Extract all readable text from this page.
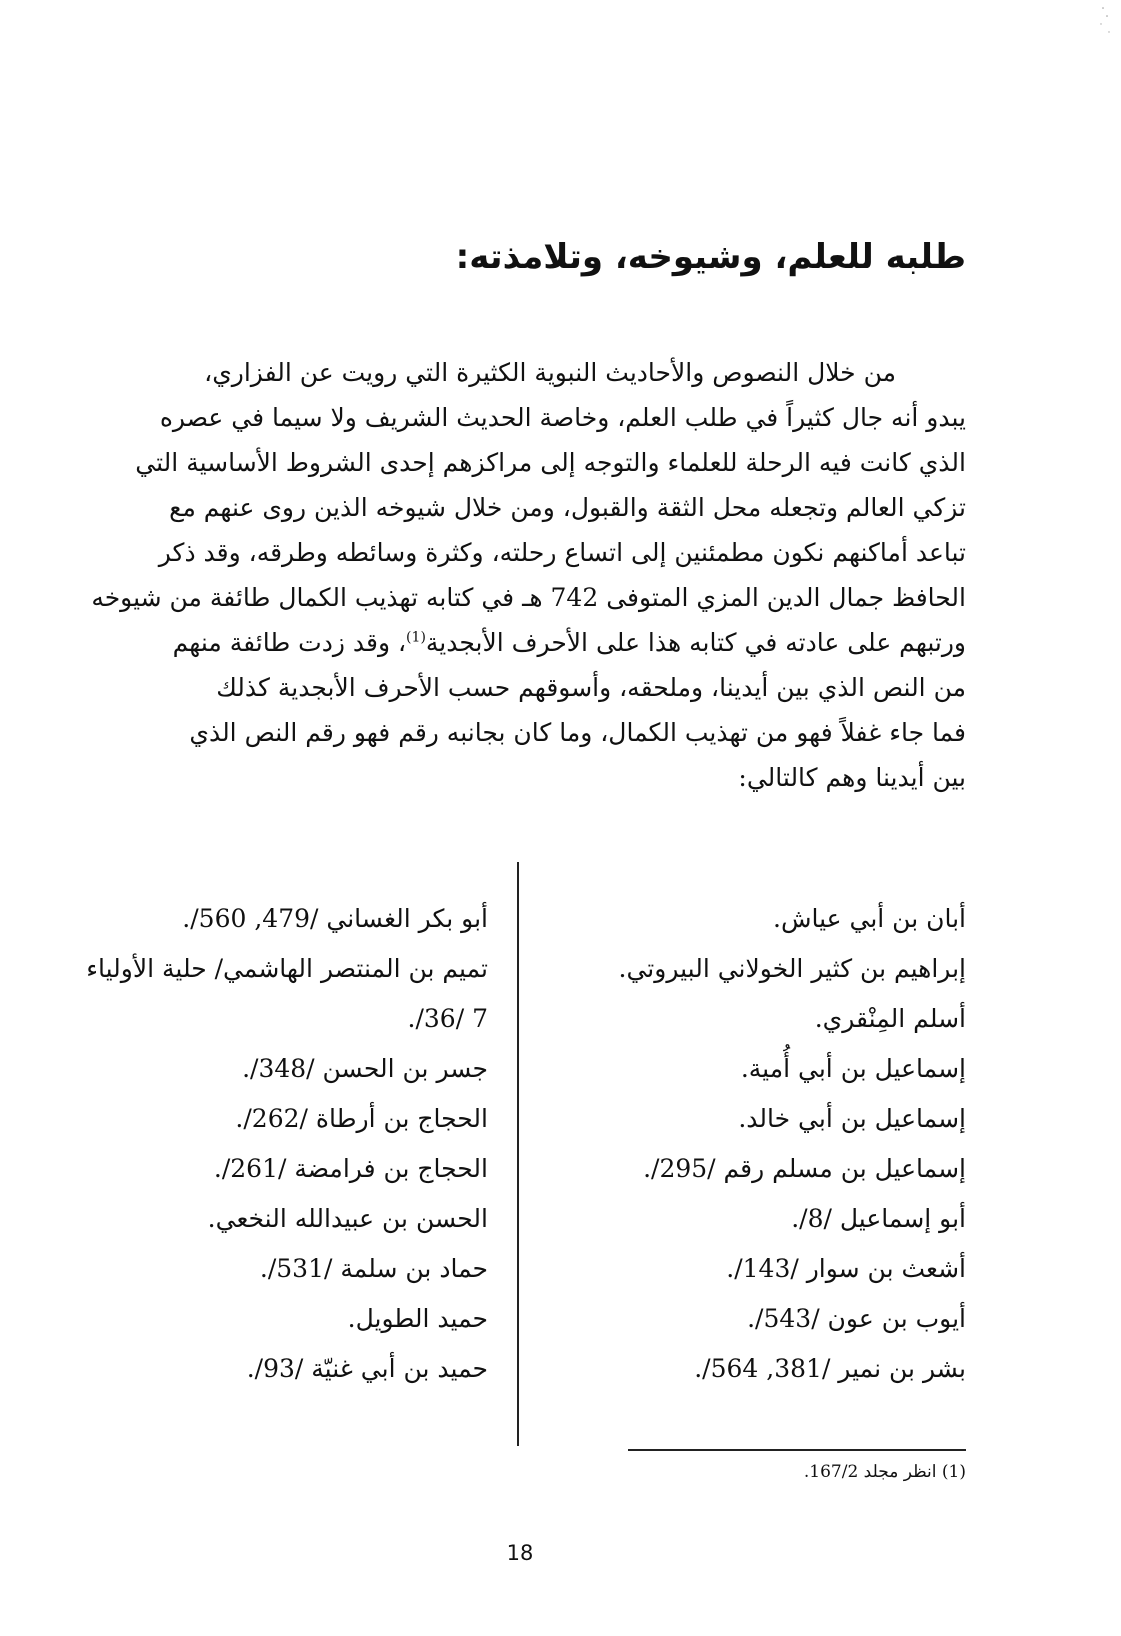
طلبه للعلم، وشيوخه، وتلامذته:
من خلال النصوص والأحاديث النبوية الكثيرة التي رويت عن الفزاري،
يبدو أنه جال كثيراً في طلب العلم، وخاصة الحديث الشريف ولا سيما في عصره
الذي كانت فيه الرحلة للعلماء والتوجه إلى مراكزهم إحدى الشروط الأساسية التي
تزكي العالم وتجعله محل الثقة والقبول، ومن خلال شيوخه الذين روى عنهم مع
تباعد أماكنهم نكون مطمئنين إلى اتساع رحلته، وكثرة وسائطه وطرقه، وقد ذكر
الحافظ جمال الدين المزي المتوفى 742 هـ في كتابه تهذيب الكمال طائفة من شيوخه
ورتبهم على عادته في كتابه هذا على الأحرف الأبجدية$^{(1)}$، وقد زدت طائفة منهم
من النص الذي بين أيدينا، وملحقه، وأسوقهم حسب الأحرف الأبجدية كذلك
فما جاء غفلاً فهو من تهذيب الكمال، وما كان بجانبه رقم فهو رقم النص الذي
بين أيدينا وهم كالتالي:
أبان بن أبي عياش.
إبراهيم بن كثير الخولاني البيروتي.
أسلم المِنْقري.
إسماعيل بن أبي أُمية.
إسماعيل بن أبي خالد.
إسماعيل بن مسلم رقم /295/.
أبو إسماعيل /8/.
أشعث بن سوار /143/.
أيوب بن عون /543/.
بشر بن نمير /381, 564/.
أبو بكر الغساني /479, 560/.
تميم بن المنتصر الهاشمي/ حلية الأولياء 7 /36/.
جسر بن الحسن /348/.
الحجاج بن أرطاة /262/.
الحجاج بن فرامضة /261/.
الحسن بن عبيدالله النخعي.
حماد بن سلمة /531/.
حميد الطويل.
حميد بن أبي غنيّة /93/.
(1) انظر مجلد 167/2.
18
